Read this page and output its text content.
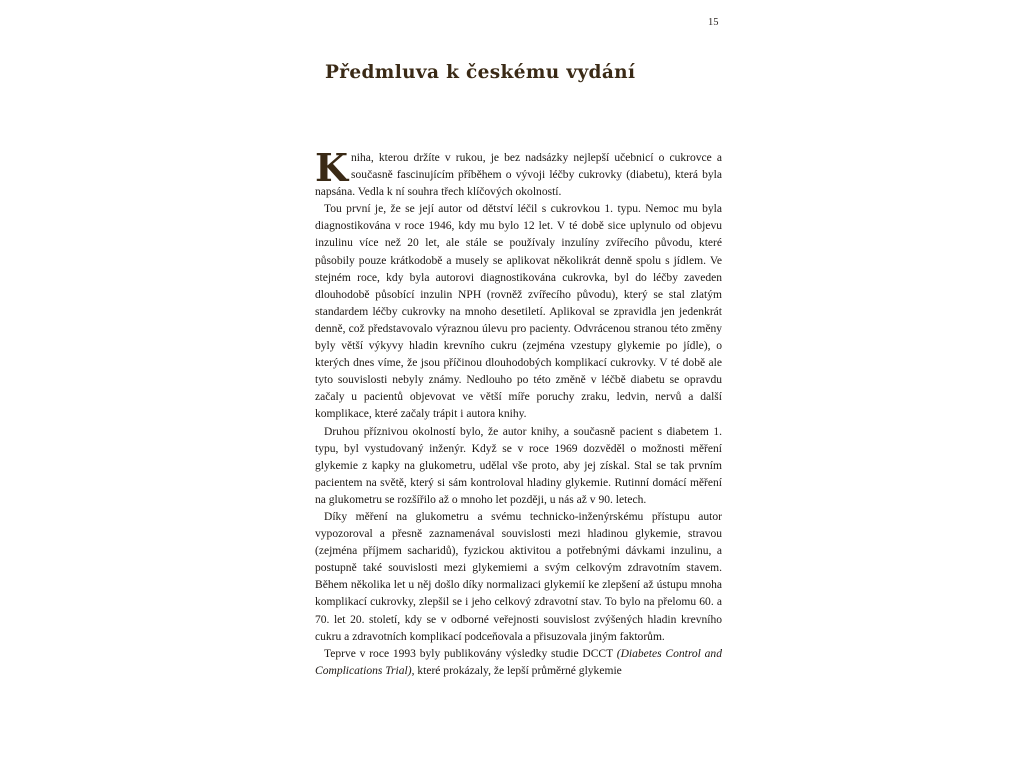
15
Předmluva k českému vydání

Kniha, kterou držíte v rukou, je bez nadsázky nejlepší učebnicí o cukrovce a současně fascinujícím příběhem o vývoji léčby cukrovky (diabetu), která byla napsána. Vedla k ní souhra třech klíčových okolností.

Tou první je, že se její autor od dětství léčil s cukrovkou 1. typu. Nemoc mu byla diagnostikována v roce 1946, kdy mu bylo 12 let. V té době sice uplynulo od objevu inzulinu více než 20 let, ale stále se používaly inzulíny zvířecího původu, které působily pouze krátkodobě a musely se aplikovat několikrát denně spolu s jídlem. Ve stejném roce, kdy byla autorovi diagnostikována cukrovka, byl do léčby zaveden dlouhodobě působící inzulin NPH (rovněž zvířecího původu), který se stal zlatým standardem léčby cukrovky na mnoho desetiletí. Aplikoval se zpravidla jen jedenkrát denně, což představovalo výraznou úlevu pro pacienty. Odvrácenou stranou této změny byly větší výkyvy hladin krevního cukru (zejména vzestupy glykemie po jídle), o kterých dnes víme, že jsou příčinou dlouhodobých komplikací cukrovky. V té době ale tyto souvislosti nebyly známy. Nedlouho po této změně v léčbě diabetu se opravdu začaly u pacientů objevovat ve větší míře poruchy zraku, ledvin, nervů a další komplikace, které začaly trápit i autora knihy.

Druhou příznivou okolností bylo, že autor knihy, a současně pacient s diabetem 1. typu, byl vystudovaný inženýr. Když se v roce 1969 dozvěděl o možnosti měření glykemie z kapky na glukometru, udělal vše proto, aby jej získal. Stal se tak prvním pacientem na světě, který si sám kontroloval hladiny glykemie. Rutinní domácí měření na glukometru se rozšířilo až o mnoho let později, u nás až v 90. letech.

Díky měření na glukometru a svému technicko-inženýrskému přístupu autor vypozoroval a přesně zaznamenával souvislosti mezi hladinou glykemie, stravou (zejména příjmem sacharidů), fyzickou aktivitou a potřebnými dávkami inzulinu, a postupně také souvislosti mezi glykemiemi a svým celkovým zdravotním stavem. Během několika let u něj došlo díky normalizaci glykemií ke zlepšení až ústupu mnoha komplikací cukrovky, zlepšil se i jeho celkový zdravotní stav. To bylo na přelomu 60. a 70. let 20. století, kdy se v odborné veřejnosti souvislost zvýšených hladin krevního cukru a zdravotních komplikací podceňovala a přisuzovala jiným faktorům.

Teprve v roce 1993 byly publikovány výsledky studie DCCT (Diabetes Control and Complications Trial), které prokázaly, že lepší průměrné glykemie
